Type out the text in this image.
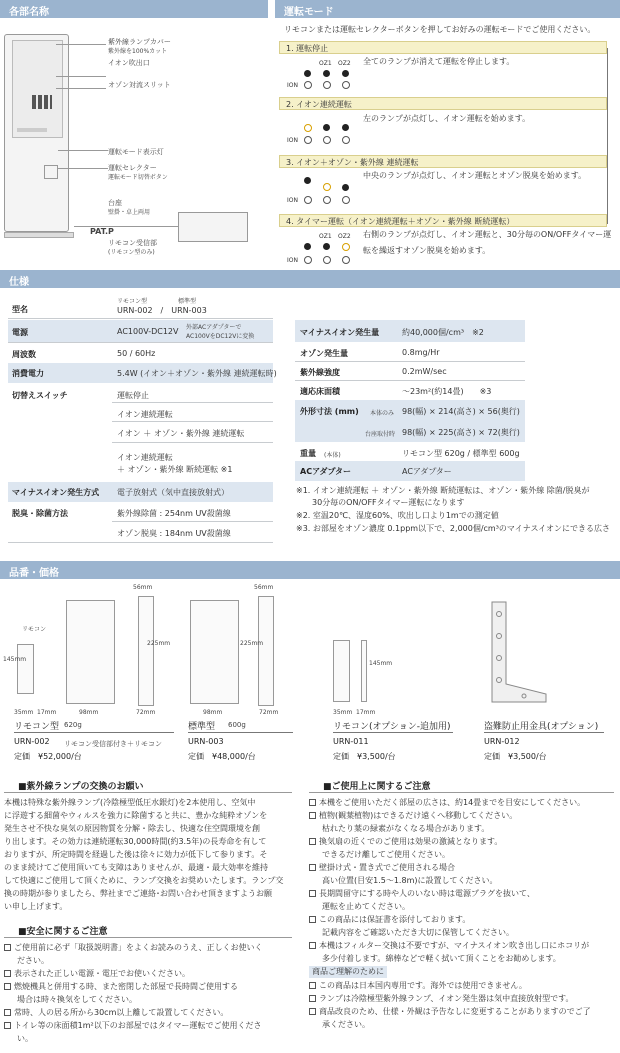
各部名称	運転モード
仕様
品番・価格
紫外線ランプカバー
紫外線を100%カット
イオン吹出口
オゾン対流スリット
運転モード表示灯
運転セレクター
運転モード切替ボタン
台座
壁掛・卓上両用
PAT.P
リモコン受信部
(リモコン型のみ)
リモコンまたは運転セレクターボタンを押してお好みの運転モードでご使用ください。
1. 運転停止
全てのランプが消えて運転を停止します。
OZ1 OZ2
ION
2. イオン連続運転
左のランプが点灯し、イオン運転を始めます。
ION
3. イオン＋オゾン・紫外線 連続運転
中央のランプが点灯し、イオン運転とオゾン脱臭を始めます。
ION
4. タイマー運転（イオン連続運転＋オゾン・紫外線 断続運転）
右側のランプが点灯し、イオン運転と、30分毎のON/OFFタイマー運
転を繰返すオゾン脱臭を始めます。
OZ1 OZ2
ION
型名
リモコン型	標準型
URN-002　/　URN-003
電源	AC100V-DC12V 外部ACアダプターで
AC100VをDC12Vに変換
周波数	50 / 60Hz
消費電力	5.4W (イオン＋オゾン・紫外線 連続運転時)
切替えスイッチ	運転停止
イオン連続運転
イオン ＋ オゾン・紫外線 連続運転
イオン連続運転
＋ オゾン・紫外線 断続運転 ※1
マイナスイオン発生方式 電子放射式（気中直接放射式）
脱臭・除菌方法	紫外線除菌 : 254nm UV殺菌線
オゾン脱臭 : 184nm UV殺菌線
マイナスイオン発生量	約40,000個/cm³　※2
オゾン発生量	0.8mg/Hr
紫外線強度	0.2mW/sec
適応床面積	～23m²(約14畳)　　※3
外形寸法 (mm) 本体のみ 98(幅) × 214(高さ) × 56(奥行)
台座取付時 98(幅) × 225(高さ) × 72(奥行)
重量 (本体)	リモコン型 620g / 標準型 600g
ACアダプター	ACアダプター
※1. イオン連続運転 ＋ オゾン・紫外線 断続運転は、オゾン・紫外線 除菌/脱臭が
　　30分毎のON/OFFタイマー運転になります
※2. 室温20℃、湿度60%、吹出し口より1mでの測定値
※3. お部屋をオゾン濃度 0.1ppm以下で、2,000個/cm³のマイナスイオンにできる広さ
リモコン
56mm
225mm
145mm
35mm 17mm	98mm	72mm
リモコン型 620g
URN-002 リモコン受信部付き＋リモコン
定価　¥52,000/台
56mm
225mm
98mm	72mm
標準型 600g
URN-003
定価　¥48,000/台
145mm
35mm 17mm
リモコン(オプション-追加用)
URN-011
定価　¥3,500/台
盗難防止用金具(オプション)
URN-012
定価　¥3,500/台
■紫外線ランプの交換のお願い
本機は特殊な紫外線ランプ(冷陰極型低圧水銀灯)を2本使用し、空気中
に浮遊する細菌やウィルスを強力に除菌すると共に、豊かな純粋オゾンを
発生させ不快な臭気の原因物質を分解・除去し、快適な住空間環境を創
り出します。その効力は連続運転30,000時間(約3.5年)の長寿命を有して
おりますが、所定時間を経過した後は徐々に効力が低下して参ります。そ
のまま続けてご使用頂いても支障はありませんが、最適・最大効率を維持
して快適にご使用して頂くために、ランプ交換をお奨めいたします。ランプ交
換の時期が参りましたら、弊社までご連絡･お問い合わせ頂きますようお願
い申し上げます。
■安全に関するご注意
ご使用前に必ず「取扱説明書」をよくお読みのうえ、正しくお使いく
ださい。
表示された正しい電源・電圧でお使いください。
燃焼機具と併用する時、また密閉した部屋で長時間ご使用する
場合は時々換気をしてください。
常時、人の居る所から30cm以上離して設置してください。
トイレ等の床面積1m²以下のお部屋ではタイマー運転でご使用くださ
い。
■ご使用上に関するご注意
本機をご使用いただく部屋の広さは、約14畳までを目安にしてください。
植物(観葉植物)はできるだけ遠くへ移動してください。
枯れたり葉の緑素がなくなる場合があります。
換気扇の近くでのご使用は効果の激減となります。
できるだけ離してご使用ください。
壁掛け式・置き式でご使用される場合
高い位置(目安1.5～1.8m)に設置してください。
長期間留守にする時や人のいない時は電源プラグを抜いて、
運転を止めてください。
この商品には保証書を添付しております。
記載内容をご確認いただき大切に保管してください。
本機はフィルター交換は不要ですが、マイナスイオン吹き出し口にホコリが
多少付着します。綿棒などで軽く拭いて頂くことをお勧めします。
商品ご理解のために
この商品は日本国内専用です。海外では使用できません。
ランプは冷陰極型紫外線ランプ、イオン発生器は気中直接放射型です。
商品改良のため、仕様・外観は予告なしに変更することがありますのでご了
承ください。
